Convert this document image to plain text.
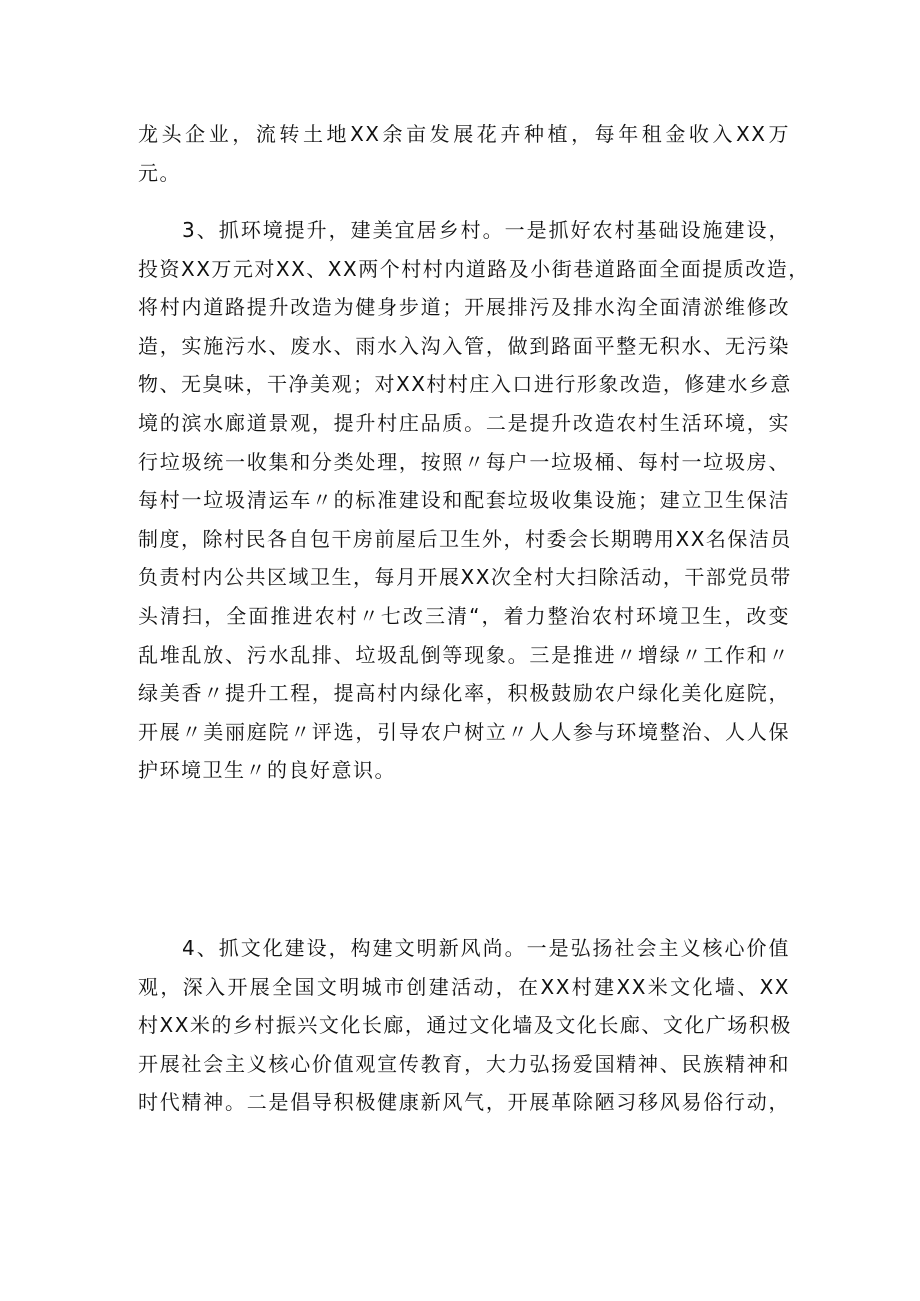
龙头企业，流转土地XX余亩发展花卉种植，每年租金收入XX万
元。
3、抓环境提升，建美宜居乡村。一是抓好农村基础设施建设，
投资XX万元对XX、XX两个村村内道路及小街巷道路面全面提质改造，
将村内道路提升改造为健身步道；开展排污及排水沟全面清淤维修改
造，实施污水、废水、雨水入沟入管，做到路面平整无积水、无污染
物、无臭味，干净美观；对XX村村庄入口进行形象改造，修建水乡意
境的滨水廊道景观，提升村庄品质。二是提升改造农村生活环境，实
行垃圾统一收集和分类处理，按照〃每户一垃圾桶、每村一垃圾房、
每村一垃圾清运车〃的标准建设和配套垃圾收集设施；建立卫生保洁
制度，除村民各自包干房前屋后卫生外，村委会长期聘用XX名保洁员
负责村内公共区域卫生，每月开展XX次全村大扫除活动，干部党员带
头清扫，全面推进农村〃七改三清“，着力整治农村环境卫生，改变
乱堆乱放、污水乱排、垃圾乱倒等现象。三是推进〃增绿〃工作和〃
绿美香〃提升工程，提高村内绿化率，积极鼓励农户绿化美化庭院，
开展〃美丽庭院〃评选，引导农户树立〃人人参与环境整治、人人保
护环境卫生〃的良好意识。
4、抓文化建设，构建文明新风尚。一是弘扬社会主义核心价值
观，深入开展全国文明城市创建活动，在XX村建XX米文化墙、XX
村XX米的乡村振兴文化长廊，通过文化墙及文化长廊、文化广场积极
开展社会主义核心价值观宣传教育，大力弘扬爱国精神、民族精神和
时代精神。二是倡导积极健康新风气，开展革除陋习移风易俗行动，
